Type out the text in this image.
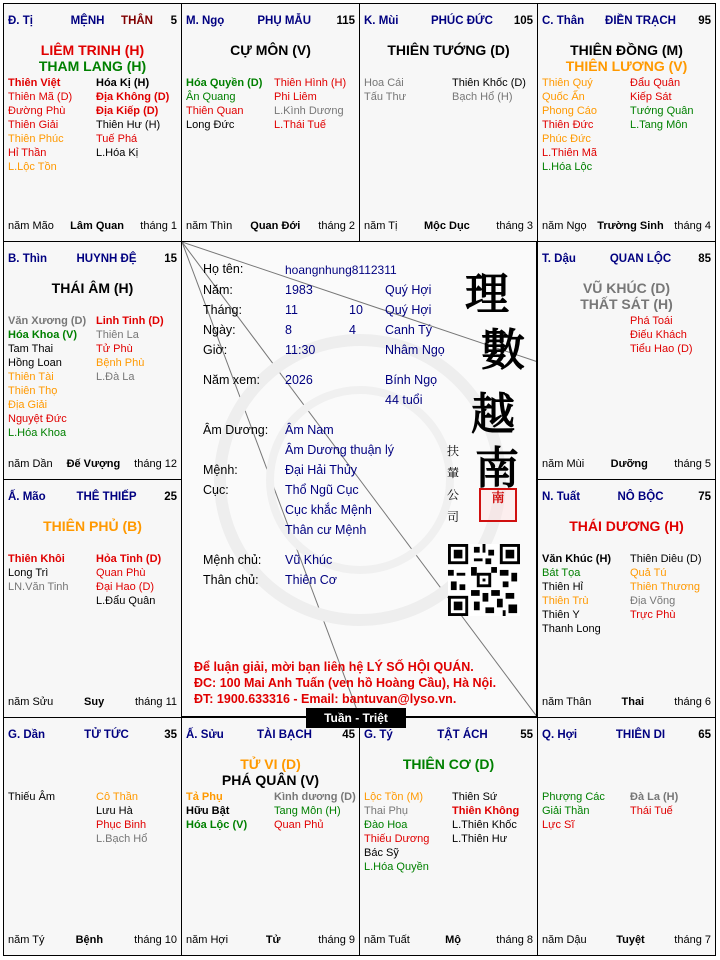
Đ. Tị	MỆNH	THÂN	5
LIÊM TRINH (H)
THAM LANG (H)
Thiên Việt
Thiên Mã (D)
Đường Phù
Thiên Giải
Thiên Phúc
Hỉ Thần
L.Lộc Tồn
Hóa Kị (H)
Địa Không (D)
Địa Kiếp (D)
Thiên Hư (H)
Tuế Phá
L.Hóa Kị
năm Mão	Lâm Quan	tháng 1
M. Ngọ	PHỤ MẪU	115
CỰ MÔN (V)
Hóa Quyền (D)
Ân Quang
Thiên Quan
Long Đức
Thiên Hình (H)
Phi Liêm
L.Kình Dương
L.Thái Tuế
năm Thìn	Quan Đới	tháng 2
K. Mùi	PHÚC ĐỨC	105
THIÊN TƯỚNG (D)
Hoa Cái
Tấu Thư
Thiên Khốc (D)
Bạch Hổ (H)
năm Tị	Mộc Dục	tháng 3
C. Thân	ĐIỀN TRẠCH	95
THIÊN ĐỒNG (M)
THIÊN LƯƠNG (V)
Thiên Quý
Quốc Ấn
Phong Cáo
Thiên Đức
Phúc Đức
L.Thiên Mã
L.Hóa Lộc
Đẩu Quân
Kiếp Sát
Tướng Quân
L.Tang Môn
năm Ngọ Trường Sinh tháng 4
B. Thìn	HUYNH ĐỆ	15
THÁI ÂM (H)
Văn Xương (D)
Hóa Khoa (V)
Tam Thai
Hồng Loan
Thiên Tài
Thiên Thọ
Địa Giải
Nguyệt Đức
L.Hóa Khoa
Linh Tinh (D)
Thiên La
Tử Phù
Bệnh Phù
L.Đà La
năm Dần	Đế Vượng	tháng 12
T. Dậu	QUAN LỘC	85
VŨ KHÚC (D)
THẤT SÁT (H)
Phá Toái
Điếu Khách
Tiểu Hao (D)
năm Mùi	Dưỡng	tháng 5
Ấ. Mão	THÊ THIẾP	25
THIÊN PHỦ (B)
Thiên Khôi
Long Trì
LN.Văn Tinh
Hỏa Tinh (D)
Quan Phù
Đại Hao (D)
L.Đẩu Quân
năm Sửu	Suy	tháng 11
N. Tuất	NÔ BỘC	75
THÁI DƯƠNG (H)
Văn Khúc (H)
Bát Tọa
Thiên Hỉ
Thiên Trù
Thiên Y
Thanh Long
Thiên Diêu (D)
Quả Tú
Thiên Thương
Địa Võng
Trực Phù
năm Thân	Thai	tháng 6
G. Dần	TỬ TỨC	35
Thiếu Âm	Cô Thần
Lưu Hà
Phục Binh
L.Bạch Hổ
năm Tý	Bệnh	tháng 10
Ấ. Sửu	TÀI BẠCH	45
TỬ VI (D)
PHÁ QUÂN (V)
Tả Phụ
Hữu Bật
Hóa Lộc (V)
Kình dương (D)
Tang Môn (H)
Quan Phủ
năm Hợi	Tử	tháng 9
G. Tý	TẬT ÁCH	55
THIÊN CƠ (D)
Lộc Tồn (M)
Thai Phụ
Đào Hoa
Thiếu Dương
Bác Sỹ
L.Hóa Quyền
Thiên Sứ
Thiên Không
L.Thiên Khốc
L.Thiên Hư
năm Tuất	Mộ	tháng 8
Q. Hợi	THIÊN DI	65
Phượng Các
Giải Thần
Lực Sĩ
Đà La (H)
Thái Tuế
năm Dậu	Tuyệt	tháng 7
Họ tên:	hoangnhung8112311
Năm:	1983	Quý Hợi
Tháng:	11	10 Quý Hợi
Ngày:	8	4 Canh Tý
Giờ:	11:30	Nhâm Ngọ
Năm xem: 2026	Bính Ngọ
44 tuổi
Âm Dương: Âm Nam
Âm Dương thuận lý
Mệnh:	Đại Hải Thủy
Cục:	Thổ Ngũ Cục
Cục khắc Mệnh
Thân cư Mệnh
Mệnh chủ: Vũ Khúc
Thân chủ: Thiên Cơ
理
數
越
南
扶
輦
公
司
南
Để luận giải, mời bạn liên hệ LÝ SỐ HỘI QUÁN.
ĐC: 100 Mai Anh Tuấn (ven hồ Hoàng Cầu), Hà Nội.
ĐT: 1900.633316 - Email: bantuvan@lyso.vn.
Tuần - Triệt
